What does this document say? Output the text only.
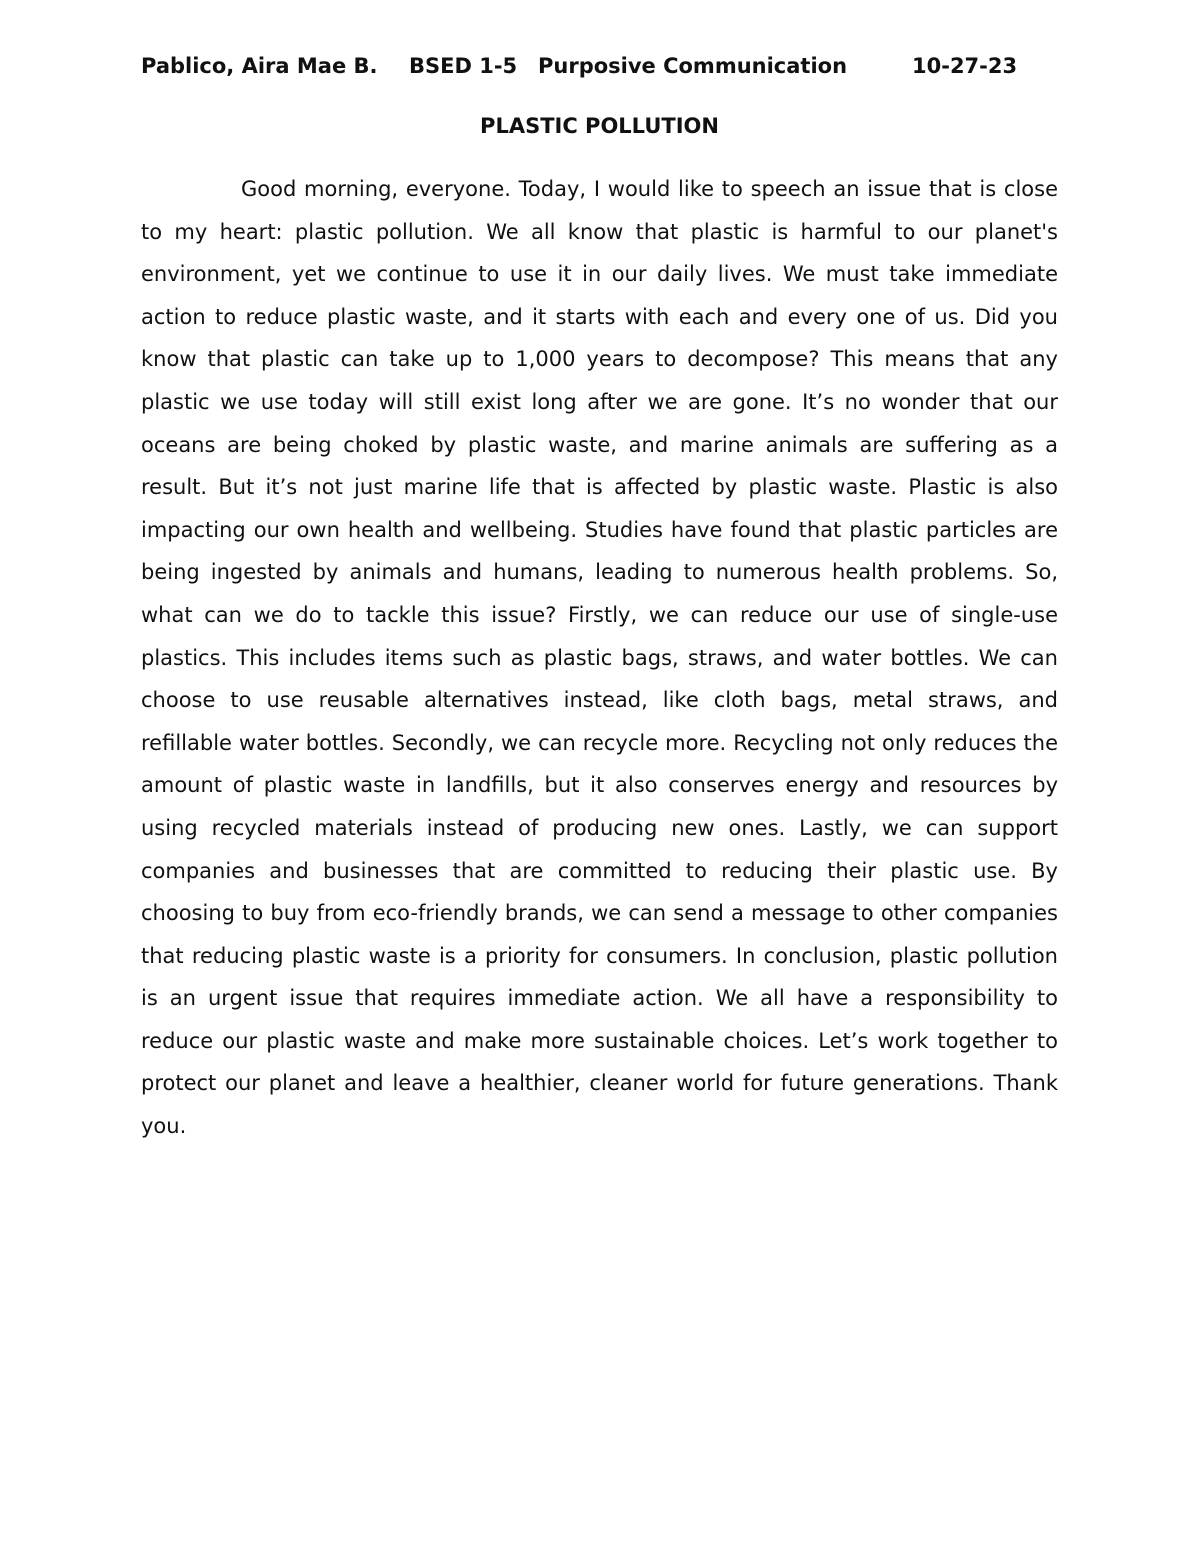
Pablico, Aira Mae B. BSED 1-5 Purposive Communication	10-27-23
PLASTIC POLLUTION

Good morning, everyone. Today, I would like to speech an issue that is close to my heart: plastic pollution. We all know that plastic is harmful to our planet's environment, yet we continue to use it in our daily lives. We must take immediate action to reduce plastic waste, and it starts with each and every one of us. Did you know that plastic can take up to 1,000 years to decompose? This means that any plastic we use today will still exist long after we are gone. It’s no wonder that our oceans are being choked by plastic waste, and marine animals are suffering as a result. But it’s not just marine life that is affected by plastic waste. Plastic is also impacting our own health and wellbeing. Studies have found that plastic particles are being ingested by animals and humans, leading to numerous health problems. So, what can we do to tackle this issue? Firstly, we can reduce our use of single-use plastics. This includes items such as plastic bags, straws, and water bottles. We can choose to use reusable alternatives instead, like cloth bags, metal straws, and refillable water bottles. Secondly, we can recycle more. Recycling not only reduces the amount of plastic waste in landfills, but it also conserves energy and resources by using recycled materials instead of producing new ones. Lastly, we can support companies and businesses that are committed to reducing their plastic use. By choosing to buy from eco-friendly brands, we can send a message to other companies that reducing plastic waste is a priority for consumers. In conclusion, plastic pollution is an urgent issue that requires immediate action. We all have a responsibility to reduce our plastic waste and make more sustainable choices. Let’s work together to protect our planet and leave a healthier, cleaner world for future generations. Thank you.
